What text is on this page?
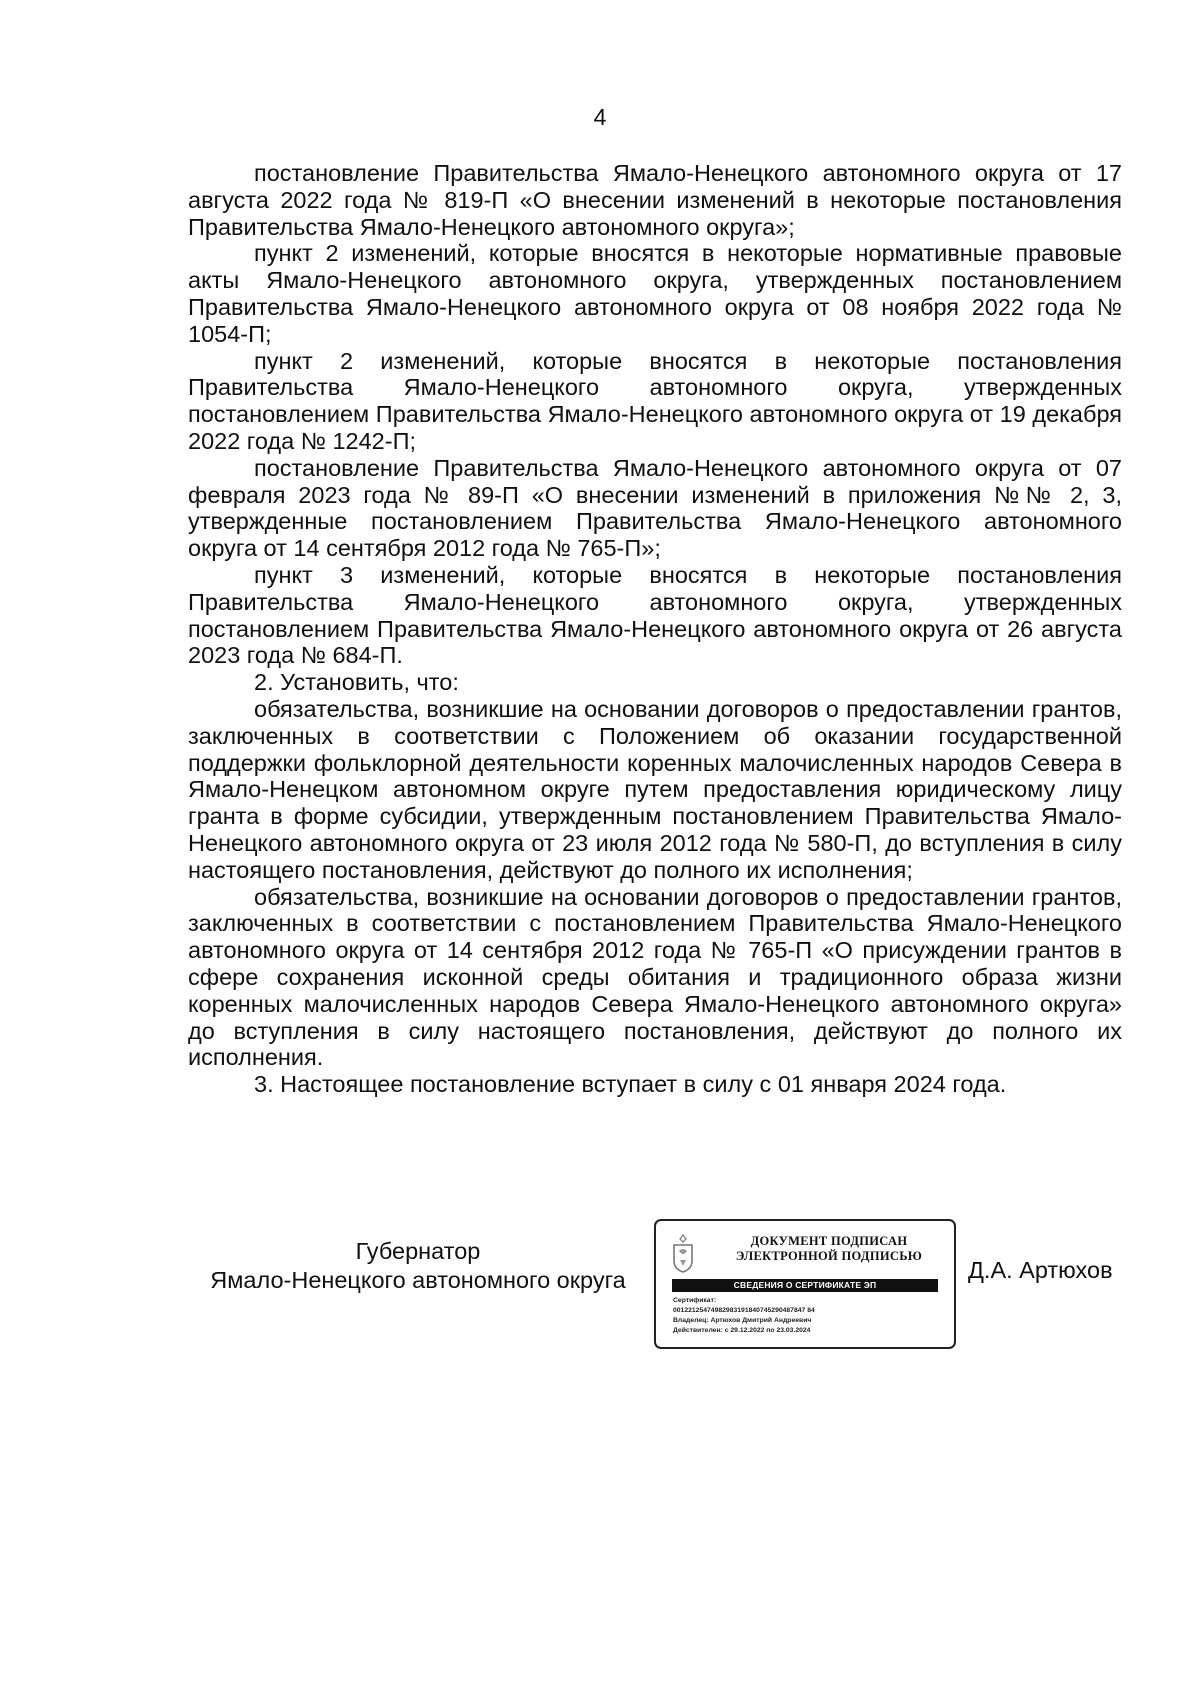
4

постановление Правительства Ямало-Ненецкого автономного округа от 17 августа 2022 года № 819-П «О внесении изменений в некоторые постановления Правительства Ямало-Ненецкого автономного округа»;

пункт 2 изменений, которые вносятся в некоторые нормативные правовые акты Ямало-Ненецкого автономного округа, утвержденных постановлением Правительства Ямало-Ненецкого автономного округа от 08 ноября 2022 года № 1054-П;

пункт 2 изменений, которые вносятся в некоторые постановления Правительства Ямало-Ненецкого автономного округа, утвержденных постановлением Правительства Ямало-Ненецкого автономного округа от 19 декабря 2022 года № 1242-П;

постановление Правительства Ямало-Ненецкого автономного округа от 07 февраля 2023 года № 89-П «О внесении изменений в приложения №№ 2, 3, утвержденные постановлением Правительства Ямало-Ненецкого автономного округа от 14 сентября 2012 года № 765-П»;

пункт 3 изменений, которые вносятся в некоторые постановления Правительства Ямало-Ненецкого автономного округа, утвержденных постановлением Правительства Ямало-Ненецкого автономного округа от 26 августа 2023 года № 684-П.

2. Установить, что:

обязательства, возникшие на основании договоров о предоставлении грантов, заключенных в соответствии с Положением об оказании государственной поддержки фольклорной деятельности коренных малочисленных народов Севера в Ямало-Ненецком автономном округе путем предоставления юридическому лицу гранта в форме субсидии, утвержденным постановлением Правительства Ямало-Ненецкого автономного округа от 23 июля 2012 года № 580-П, до вступления в силу настоящего постановления, действуют до полного их исполнения;

обязательства, возникшие на основании договоров о предоставлении грантов, заключенных в соответствии с постановлением Правительства Ямало-Ненецкого автономного округа от 14 сентября 2012 года № 765-П «О присуждении грантов в сфере сохранения исконной среды обитания и традиционного образа жизни коренных малочисленных народов Севера Ямало-Ненецкого автономного округа» до вступления в силу настоящего постановления, действуют до полного их исполнения.

3. Настоящее постановление вступает в силу с 01 января 2024 года.

Губернатор
Ямало-Ненецкого автономного округа
ДОКУМЕНТ ПОДПИСАН
ЭЛЕКТРОННОЙ ПОДПИСЬЮ
СВЕДЕНИЯ О СЕРТИФИКАТЕ ЭП
Сертификат:
00122125474982983191840745290487847 84
Владелец: Артюхов Дмитрий Андреевич
Действителен: с 29.12.2022 по 23.03.2024
Д.А. Артюхов
